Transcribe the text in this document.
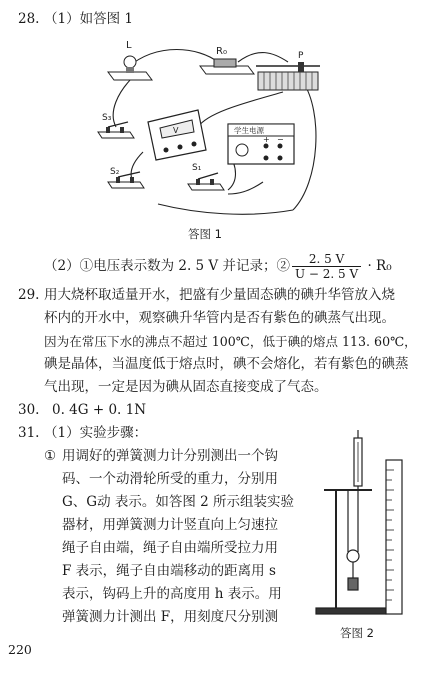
28. （1）如答图 1
L
R₀	P
V	学生电源
+ −
S₃
S₂	S₁
答图 1
（2）①电压表示数为 2. 5 V 并记录；② $\frac{2. 5 V}{U - 2. 5 V} \cdot R_0$
29. 用大烧杯取适量开水，把盛有少量固态碘的碘升华管放入烧
杯内的开水中，观察碘升华管内是否有紫色的碘蒸气出现。
因为在常压下水的沸点不超过 100℃，低于碘的熔点 113. 60℃，
碘是晶体，当温度低于熔点时，碘不会熔化，若有紫色的碘蒸
气出现，一定是因为碘从固态直接变成了气态。
30. 0. 4G + 0. 1N
31. （1）实验步骤：
① 用调好的弹簧测力计分别测出一个钩
码、一个动滑轮所受的重力，分别用
G、G动 表示。如答图 2 所示组装实验
器材，用弹簧测力计竖直向上匀速拉
绳子自由端，绳子自由端所受拉力用
F 表示，绳子自由端移动的距离用 s
表示，钩码上升的高度用 h 表示。用
弹簧测力计测出 F，用刻度尺分别测
答图 2
220
